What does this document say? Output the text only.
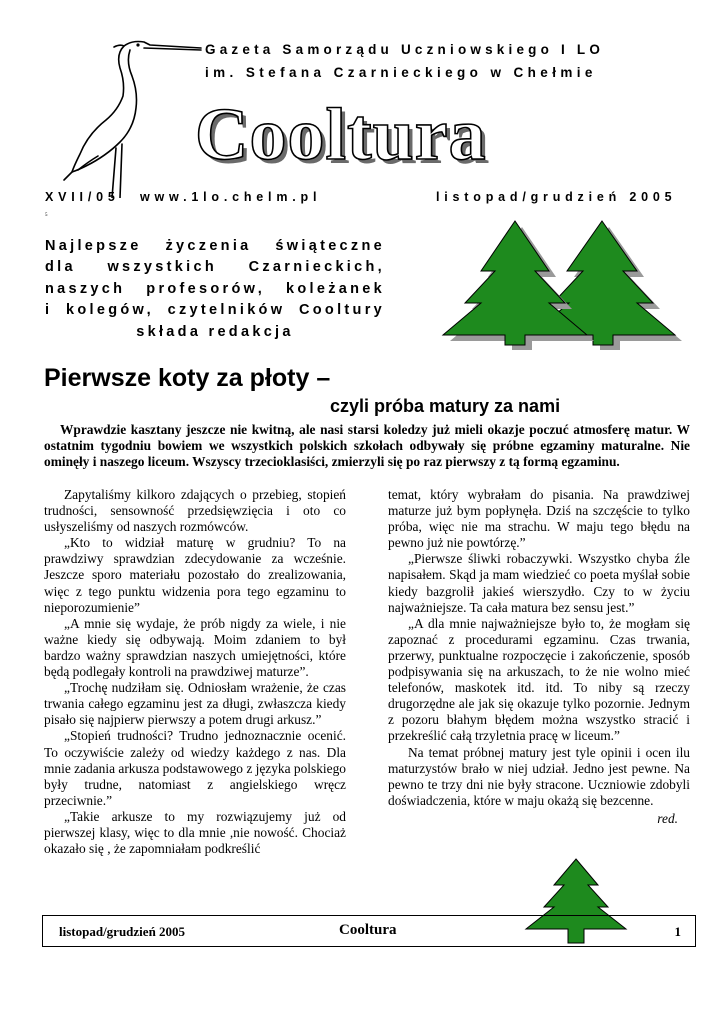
Gazeta Samorządu Uczniowskiego I LO
im. Stefana Czarnieckiego w Chełmie
Cooltura
XVII/05 www.1lo.chelm.pl	listopad/grudzień 2005
5
Najlepsze życzenia świąteczne
dla wszystkich Czarnieckich,
naszych profesorów, koleżanek
i kolegów, czytelników Cooltury
składa redakcja
Pierwsze koty za płoty –
czyli próba matury za nami
Wprawdzie kasztany jeszcze nie kwitną, ale nasi starsi koledzy już mieli okazje poczuć atmosferę matur. W ostatnim tygodniu bowiem we wszystkich polskich szkołach odbywały się próbne egzaminy maturalne. Nie ominęły i naszego liceum. Wszyscy trzecioklasiści, zmierzyli się po raz pierwszy z tą formą egzaminu.

Zapytaliśmy kilkoro zdających o przebieg, stopień trudności, sensowność przedsięwzięcia i oto co usłyszeliśmy od naszych rozmówców.

„Kto to widział maturę w grudniu? To na prawdziwy sprawdzian zdecydowanie za wcześnie. Jeszcze sporo materiału pozostało do zrealizowania, więc z tego punktu widzenia pora tego egzaminu to nieporozumienie”

„A mnie się wydaje, że prób nigdy za wiele, i nie ważne kiedy się odbywają. Moim zdaniem to był bardzo ważny sprawdzian naszych umiejętności, które będą podlegały kontroli na prawdziwej maturze”.

„Trochę nudziłam się. Odniosłam wrażenie, że czas trwania całego egzaminu jest za długi, zwłaszcza kiedy pisało się najpierw pierwszy a potem drugi arkusz.”

„Stopień trudności? Trudno jednoznacznie ocenić. To oczywiście zależy od wiedzy każdego z nas. Dla mnie zadania arkusza podstawowego z języka polskiego były trudne, natomiast z angielskiego wręcz przeciwnie.”

„Takie arkusze to my rozwiązujemy już od pierwszej klasy, więc to dla mnie ,nie nowość. Chociaż okazało się , że zapomniałam podkreślić

temat, który wybrałam do pisania. Na prawdziwej maturze już bym popłynęła. Dziś na szczęście to tylko próba, więc nie ma strachu. W maju tego błędu na pewno już nie powtórzę.”

„Pierwsze śliwki robaczywki. Wszystko chyba źle napisałem. Skąd ja mam wiedzieć co poeta myślał sobie kiedy bazgrolił jakieś wierszydło. Czy to w życiu najważniejsze. Ta cała matura bez sensu jest.”

„A dla mnie najważniejsze było to, że mogłam się zapoznać z procedurami egzaminu. Czas trwania, przerwy, punktualne rozpoczęcie i zakończenie, sposób podpisywania się na arkuszach, to że nie wolno mieć telefonów, maskotek itd. itd. To niby są rzeczy drugorzędne ale jak się okazuje tylko pozornie. Jednym z pozoru błahym błędem można wszystko stracić i przekreślić całą trzyletnia pracę w liceum.”

Na temat próbnej matury jest tyle opinii i ocen ilu maturzystów brało w niej udział. Jedno jest pewne. Na pewno te trzy dni nie były stracone. Uczniowie zdobyli doświadczenia, które w maju okażą się bezcenne.

red.
listopad/grudzień 2005	Cooltura	1
